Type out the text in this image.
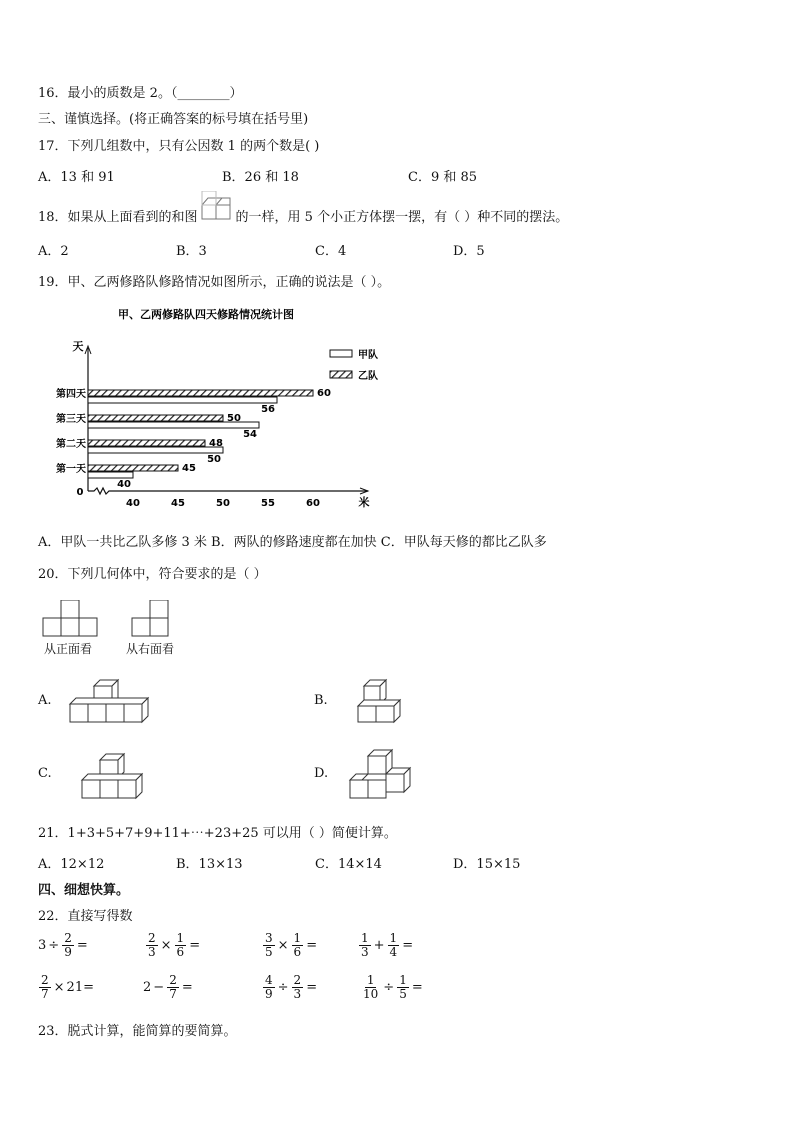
16．最小的质数是 2。（________）
三、谨慎选择。(将正确答案的标号填在括号里)
17．下列几组数中，只有公因数 1 的两个数是( )
A．13 和 91	B．26 和 18	C．9 和 85
18．如果从上面看到的和图	的一样，用 5 个小正方体摆一摆，有（ ）种不同的摆法。
A．2	B．3	C．4	D．5
19．甲、乙两修路队修路情况如图所示，正确的说法是（ ）。
甲、乙两修路队四天修路情况统计图
天
米
0
40	45	50	55	60
第一天	45
40
第二天	48
50
第三天	50
54
第四天	60
56
甲队
乙队
A．甲队一共比乙队多修 3 米 B．两队的修路速度都在加快 C．甲队每天修的都比乙队多
20．下列几何体中，符合要求的是（ ）
从正面看	从右面看
A.	B.
C.	D.
21．1+3+5+7+9+11+⋯+23+25 可以用（ ）简便计算。
A．12×12	B．13×13	C．14×14	D．15×15
四、细想快算。
22．直接写得数
$3 \div \frac{2}{9}$ =	$\frac{2}{3} \times \frac{1}{6}$ =	$\frac{3}{5} \times \frac{1}{6}$ =	$\frac{1}{3} + \frac{1}{4}$ =
$\frac{2}{7} \times 21=$	$2 - \frac{2}{7}$ =	$\frac{4}{9} \div \frac{2}{3}$ =	$\frac{1}{10} \div \frac{1}{5}$ =
23．脱式计算，能简算的要简算。
